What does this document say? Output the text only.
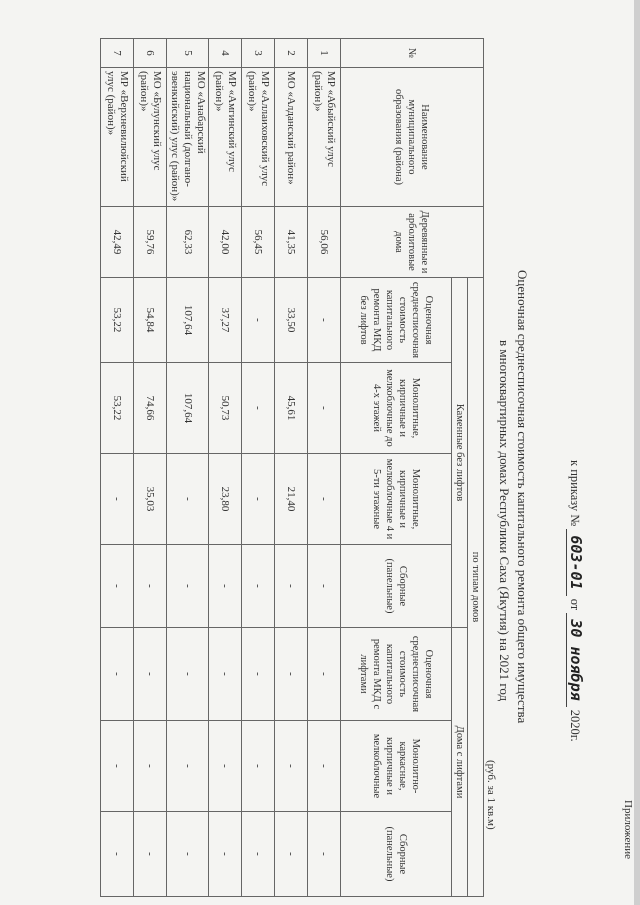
Приложение
к приказу № 603-01 от 30 ноября 2020г.
Оценочная среднесписочная стоимость капитального ремонта общего имущества
в многоквартирных домах Республики Саха (Якутия) на 2021 год
(руб. за 1 кв.м)
№	Наименование муниципального образования (района)	Деревянные и арболитовые дома	по типам домов						
			Каменные без лифтов				Дома с лифтами		
			Оценочная среднесписочная стоимость капитального ремонта МКД без лифтов	Монолитные, кирпичные и мелкоблочные до 4-х этажей	Монолитные, кирпичные и мелкоблочные 4 и 5-ти этажные	Сборные (панельные)	Оценочная среднесписочная стоимость капитального ремонта МКД с лифтами	Монолитно-каркасные, кирпичные и мелкоблочные	Сборные (панельные)
1	МР «Абыйский улус (район)»	56,06	-	-	-	-	-	-	-
2	МО «Алданский район»	41,35	33,50	45,61	21,40	-	-	-	-
3	МР «Аллаиховский улус (район)»	56,45	-	-	-	-	-	-	-
4	МР «Амгинский улус (район)»	42,00	37,27	50,73	23,80	-	-	-	-
5	МО «Анабарский национальный (долгано-эвенкийский) улус (район)»	62,33	107,64	107,64	-	-	-	-	-
6	МО «Булунский улус (район)»	59,76	54,84	74,66	35,03	-	-	-	-
7	МР «Верхневилюйский улус (район)»	42,49	53,22	53,22	-	-	-	-	-
